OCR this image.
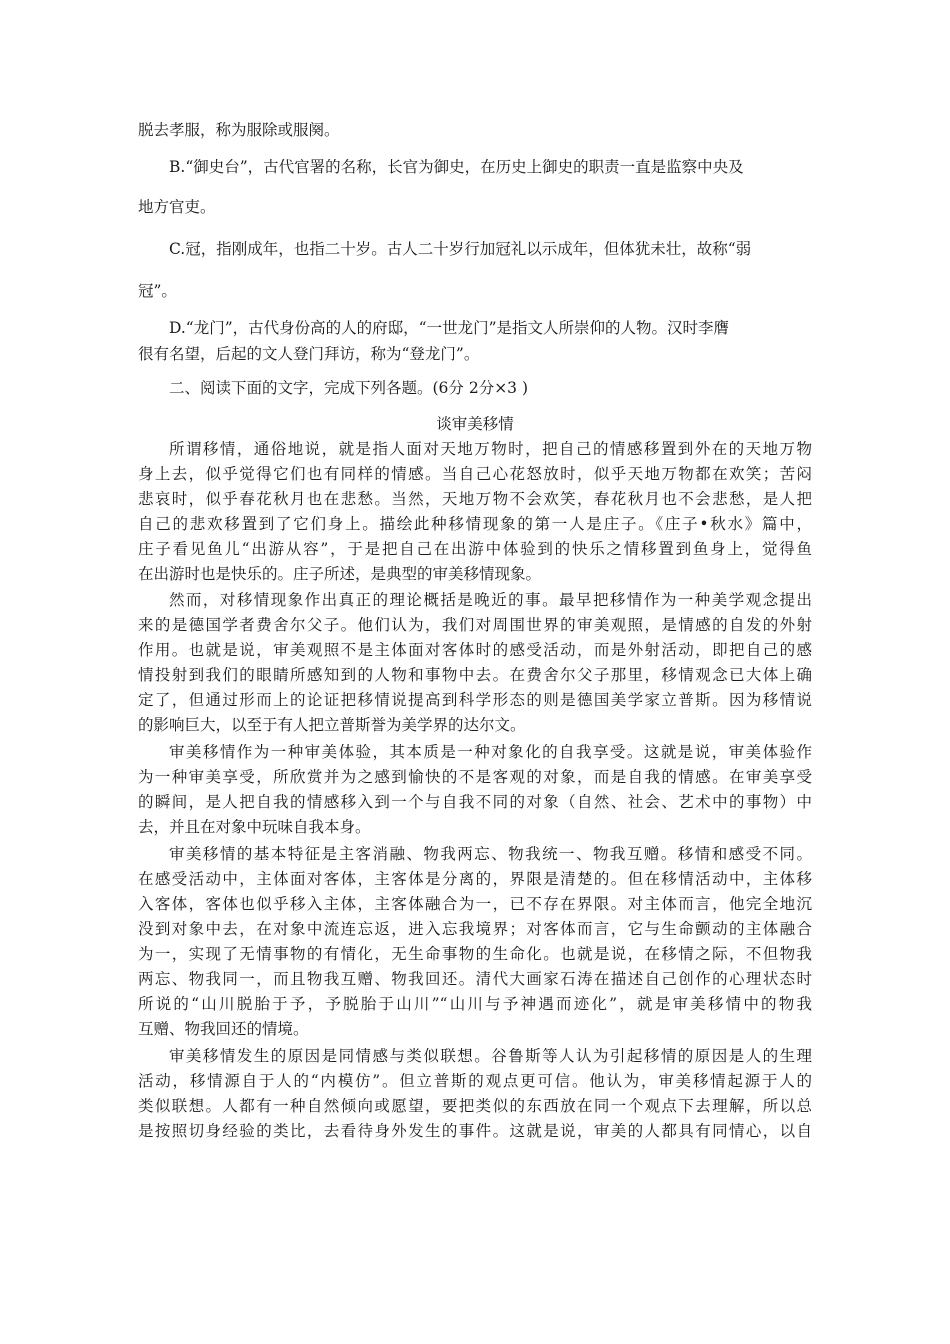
脱去孝服，称为服除或服阕。

B.“御史台”，古代官署的名称，长官为御史，在历史上御史的职责一直是监察中央及

地方官吏。

C.冠，指刚成年，也指二十岁。古人二十岁行加冠礼以示成年，但体犹未壮，故称“弱

冠”。

D.“龙门”，古代身份高的人的府邸，“一世龙门”是指文人所崇仰的人物。汉时李膺

很有名望，后起的文人登门拜访，称为“登龙门”。

二、阅读下面的文字，完成下列各题。(6分 2分×3 )

谈审美移情

所谓移情，通俗地说，就是指人面对天地万物时，把自己的情感移置到外在的天地万物

身上去，似乎觉得它们也有同样的情感。当自己心花怒放时，似乎天地万物都在欢笑；苦闷

悲哀时，似乎春花秋月也在悲愁。当然，天地万物不会欢笑，春花秋月也不会悲愁，是人把

自己的悲欢移置到了它们身上。描绘此种移情现象的第一人是庄子。《庄子•秋水》篇中，

庄子看见鱼儿“出游从容”，于是把自己在出游中体验到的快乐之情移置到鱼身上，觉得鱼

在出游时也是快乐的。庄子所述，是典型的审美移情现象。

然而，对移情现象作出真正的理论概括是晚近的事。最早把移情作为一种美学观念提出

来的是德国学者费舍尔父子。他们认为，我们对周围世界的审美观照，是情感的自发的外射

作用。也就是说，审美观照不是主体面对客体时的感受活动，而是外射活动，即把自己的感

情投射到我们的眼睛所感知到的人物和事物中去。在费舍尔父子那里，移情观念已大体上确

定了，但通过形而上的论证把移情说提高到科学形态的则是德国美学家立普斯。因为移情说

的影响巨大，以至于有人把立普斯誉为美学界的达尔文。

审美移情作为一种审美体验，其本质是一种对象化的自我享受。这就是说，审美体验作

为一种审美享受，所欣赏并为之感到愉快的不是客观的对象，而是自我的情感。在审美享受

的瞬间，是人把自我的情感移入到一个与自我不同的对象（自然、社会、艺术中的事物）中

去，并且在对象中玩味自我本身。

审美移情的基本特征是主客消融、物我两忘、物我统一、物我互赠。移情和感受不同。

在感受活动中，主体面对客体，主客体是分离的，界限是清楚的。但在移情活动中，主体移

入客体，客体也似乎移入主体，主客体融合为一，已不存在界限。对主体而言，他完全地沉

没到对象中去，在对象中流连忘返，进入忘我境界；对客体而言，它与生命颤动的主体融合

为一，实现了无情事物的有情化，无生命事物的生命化。也就是说，在移情之际，不但物我

两忘、物我同一，而且物我互赠、物我回还。清代大画家石涛在描述自己创作的心理状态时

所说的“山川脱胎于予，予脱胎于山川”“山川与予神遇而迹化”，就是审美移情中的物我

互赠、物我回还的情境。

审美移情发生的原因是同情感与类似联想。谷鲁斯等人认为引起移情的原因是人的生理

活动，移情源自于人的“内模仿”。但立普斯的观点更可信。他认为，审美移情起源于人的

类似联想。人都有一种自然倾向或愿望，要把类似的东西放在同一个观点下去理解，所以总

是按照切身经验的类比，去看待身外发生的事件。这就是说，审美的人都具有同情心，以自
